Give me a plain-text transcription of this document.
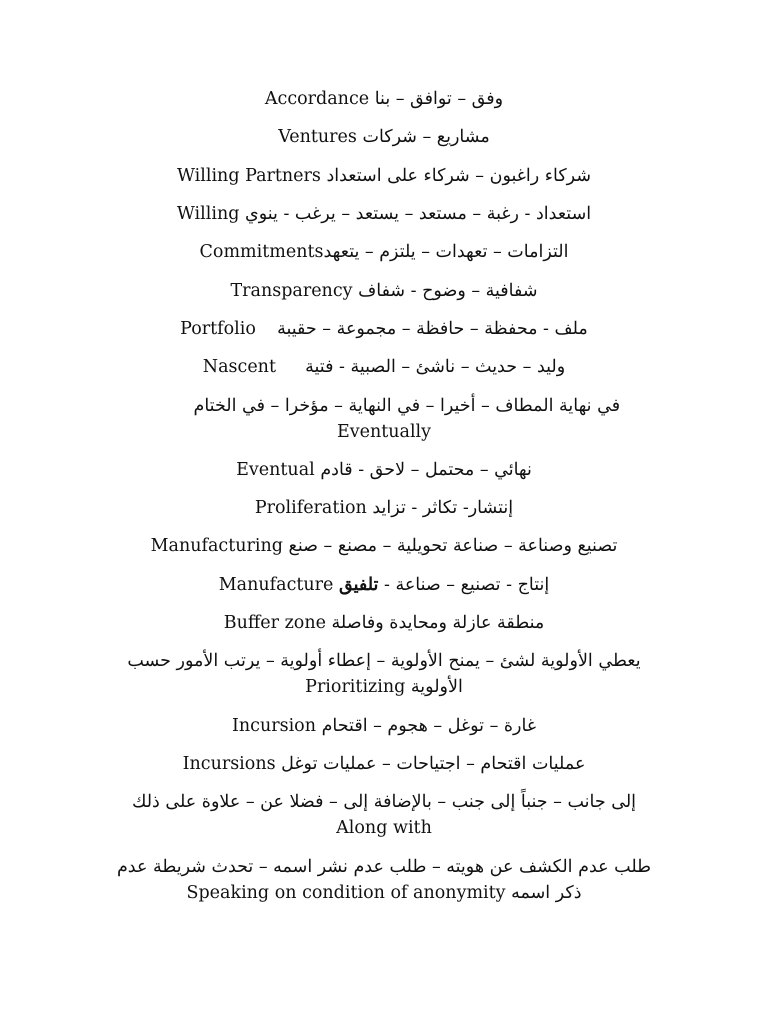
Accordance وفق – توافق – بنا
Ventures مشاريع – شركات
Willing Partners شركاء راغبون – شركاء على استعداد
Willing استعداد - رغبة – مستعد – يستعد – يرغب - ينوي
Commitmentsالتزامات – تعهدات – يلتزم – يتعهد
Transparency شفافية – وضوح - شفاف
Portfolio ملف - محفظة – حافظة – مجموعة – حقيبة
Nascent وليد – حديث – ناشئ – الصبية - فتية
في نهاية المطاف – أخيرا – في النهاية – مؤخرا – في الختام  Eventually
Eventual نهائي – محتمل – لاحق - قادم
Proliferation إنتشار- تكاثر - تزايد
Manufacturing تصنيع وصناعة – صناعة تحويلية – مصنع – صنع
Manufacture	إنتاج - تصنيع – صناعة - تلفيق
Buffer zone منطقة عازلة ومحايدة وفاصلة
يعطي الأولوية لشئ – يمنح الأولوية – إعطاء أولوية – يرتب الأمور حسب الأولوية Prioritizing
Incursion غارة – توغل – هجوم – اقتحام
Incursions عمليات اقتحام – اجتياحات – عمليات توغل
إلى جانب – جنباً إلى جنب – بالإضافة إلى – فضلا عن – علاوة على ذلك Along with
طلب عدم الكشف عن هويته – طلب عدم نشر اسمه – تحدث شريطة عدم ذكر اسمه Speaking on condition of anonymity
